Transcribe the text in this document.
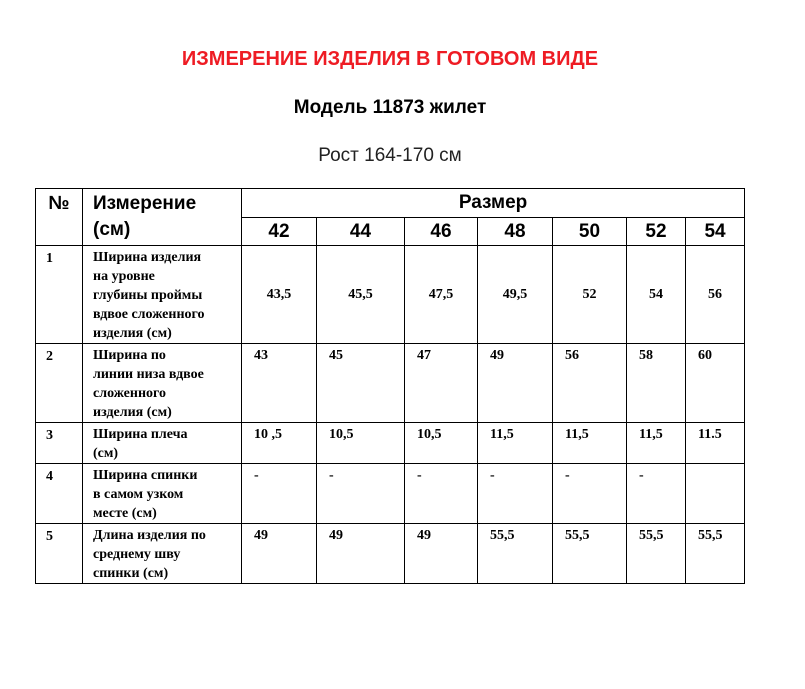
ИЗМЕРЕНИЕ ИЗДЕЛИЯ В ГОТОВОМ ВИДЕ
Модель 11873 жилет
Рост 164-170 см
№	Измерение
(см)	Размер						
		42	44	46	48	50	52	54
1	Ширина изделия
на уровне
глубины проймы
вдвое сложенного
изделия (см)	43,5	45,5	47,5	49,5	52	54	56
2	Ширина по
линии низа вдвое
сложенного
изделия (см)	43	45	47	49	56	58	60
3	Ширина плеча
(см)	10 ,5	10,5	10,5	11,5	11,5	11,5	11.5
4	Ширина спинки
в самом узком
месте (см)	-	-	-	-	-	-	
5	Длина изделия по
среднему шву
спинки (см)	49	49	49	55,5	55,5	55,5	55,5
